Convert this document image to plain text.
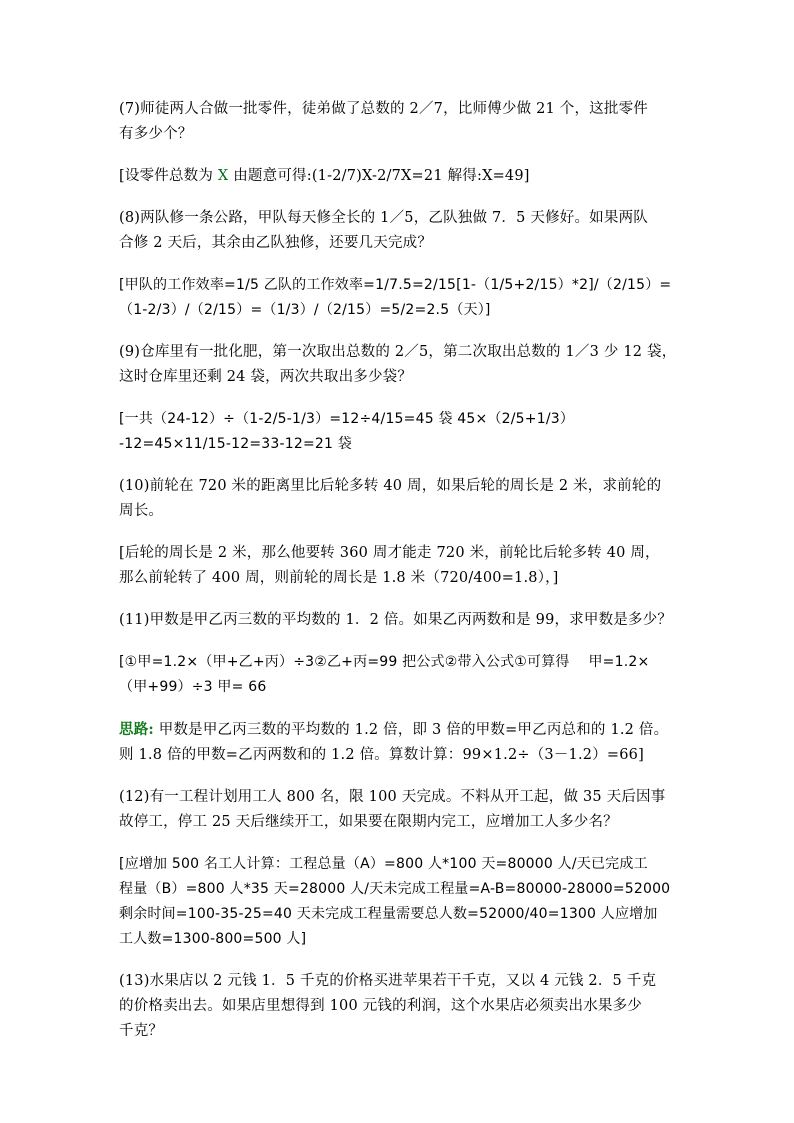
(7)师徒两人合做一批零件，徒弟做了总数的 2／7，比师傅少做 21 个，这批零件
有多少个？

[设零件总数为 X 由题意可得:(1-2/7)X-2/7X=21 解得:X=49]

(8)两队修一条公路，甲队每天修全长的 1／5，乙队独做 7．5 天修好。如果两队
合修 2 天后，其余由乙队独修，还要几天完成？

[甲队的工作效率=1/5 乙队的工作效率=1/7.5=2/15[1-（1/5+2/15）*2]/（2/15）=
（1-2/3）/（2/15）=（1/3）/（2/15）=5/2=2.5（天）]

(9)仓库里有一批化肥，第一次取出总数的 2／5，第二次取出总数的 1／3 少 12 袋，
这时仓库里还剩 24 袋，两次共取出多少袋？

[一共（24-12）÷（1-2/5-1/3）=12÷4/15=45 袋 45×（2/5+1/3）
-12=45×11/15-12=33-12=21 袋

(10)前轮在 720 米的距离里比后轮多转 40 周，如果后轮的周长是 2 米，求前轮的
周长。

[后轮的周长是 2 米，那么他要转 360 周才能走 720 米，前轮比后轮多转 40 周，
那么前轮转了 400 周，则前轮的周长是 1.8 米（720/400=1.8），]

(11)甲数是甲乙丙三数的平均数的 1．2 倍。如果乙丙两数和是 99，求甲数是多少？

[①甲=1.2×（甲+乙+丙）÷3②乙+丙=99 把公式②带入公式①可算得　 甲=1.2×
（甲+99）÷3 甲= 66

思路: 甲数是甲乙丙三数的平均数的 1.2 倍，即 3 倍的甲数=甲乙丙总和的 1.2 倍。
则 1.8 倍的甲数=乙丙两数和的 1.2 倍。算数计算：99×1.2÷（3－1.2）=66]

(12)有一工程计划用工人 800 名，限 100 天完成。不料从开工起，做 35 天后因事
故停工，停工 25 天后继续开工，如果要在限期内完工，应增加工人多少名？

[应增加 500 名工人计算：工程总量（A）=800 人*100 天=80000 人/天已完成工
程量（B）=800 人*35 天=28000 人/天未完成工程量=A-B=80000-28000=52000
剩余时间=100-35-25=40 天未完成工程量需要总人数=52000/40=1300 人应增加
工人数=1300-800=500 人]

(13)水果店以 2 元钱 1．5 千克的价格买进苹果若干千克，又以 4 元钱 2．5 千克
的价格卖出去。如果店里想得到 100 元钱的利润，这个水果店必须卖出水果多少
千克？
